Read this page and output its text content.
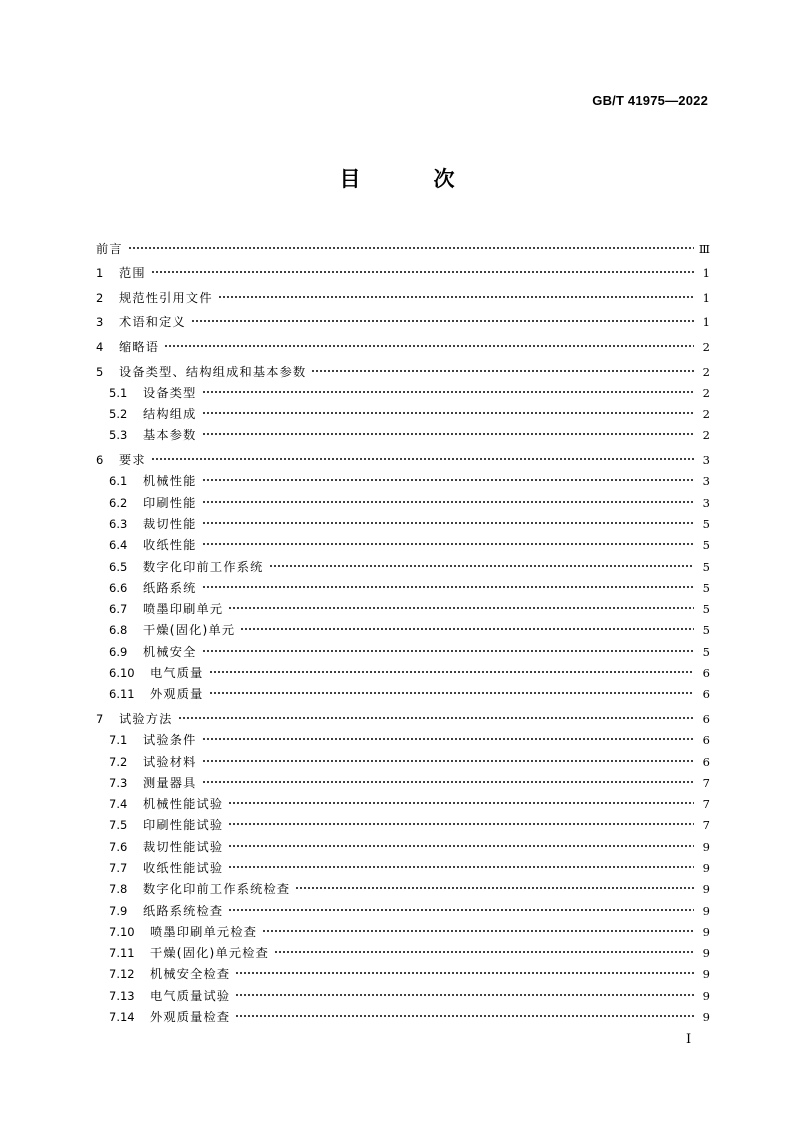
GB/T 41975—2022
目　次
前言	Ⅲ
1	范围	1
2	规范性引用文件	1
3	术语和定义	1
4	缩略语	2
5	设备类型、结构组成和基本参数	2
5.1	设备类型	2
5.2	结构组成	2
5.3	基本参数	2
6	要求	3
6.1	机械性能	3
6.2	印刷性能	3
6.3	裁切性能	5
6.4	收纸性能	5
6.5	数字化印前工作系统	5
6.6	纸路系统	5
6.7	喷墨印刷单元	5
6.8	干燥(固化)单元	5
6.9	机械安全	5
6.10	电气质量	6
6.11	外观质量	6
7	试验方法	6
7.1	试验条件	6
7.2	试验材料	6
7.3	测量器具	7
7.4	机械性能试验	7
7.5	印刷性能试验	7
7.6	裁切性能试验	9
7.7	收纸性能试验	9
7.8	数字化印前工作系统检查	9
7.9	纸路系统检查	9
7.10	喷墨印刷单元检查	9
7.11	干燥(固化)单元检查	9
7.12	机械安全检查	9
7.13	电气质量试验	9
7.14	外观质量检查	9
Ⅰ
